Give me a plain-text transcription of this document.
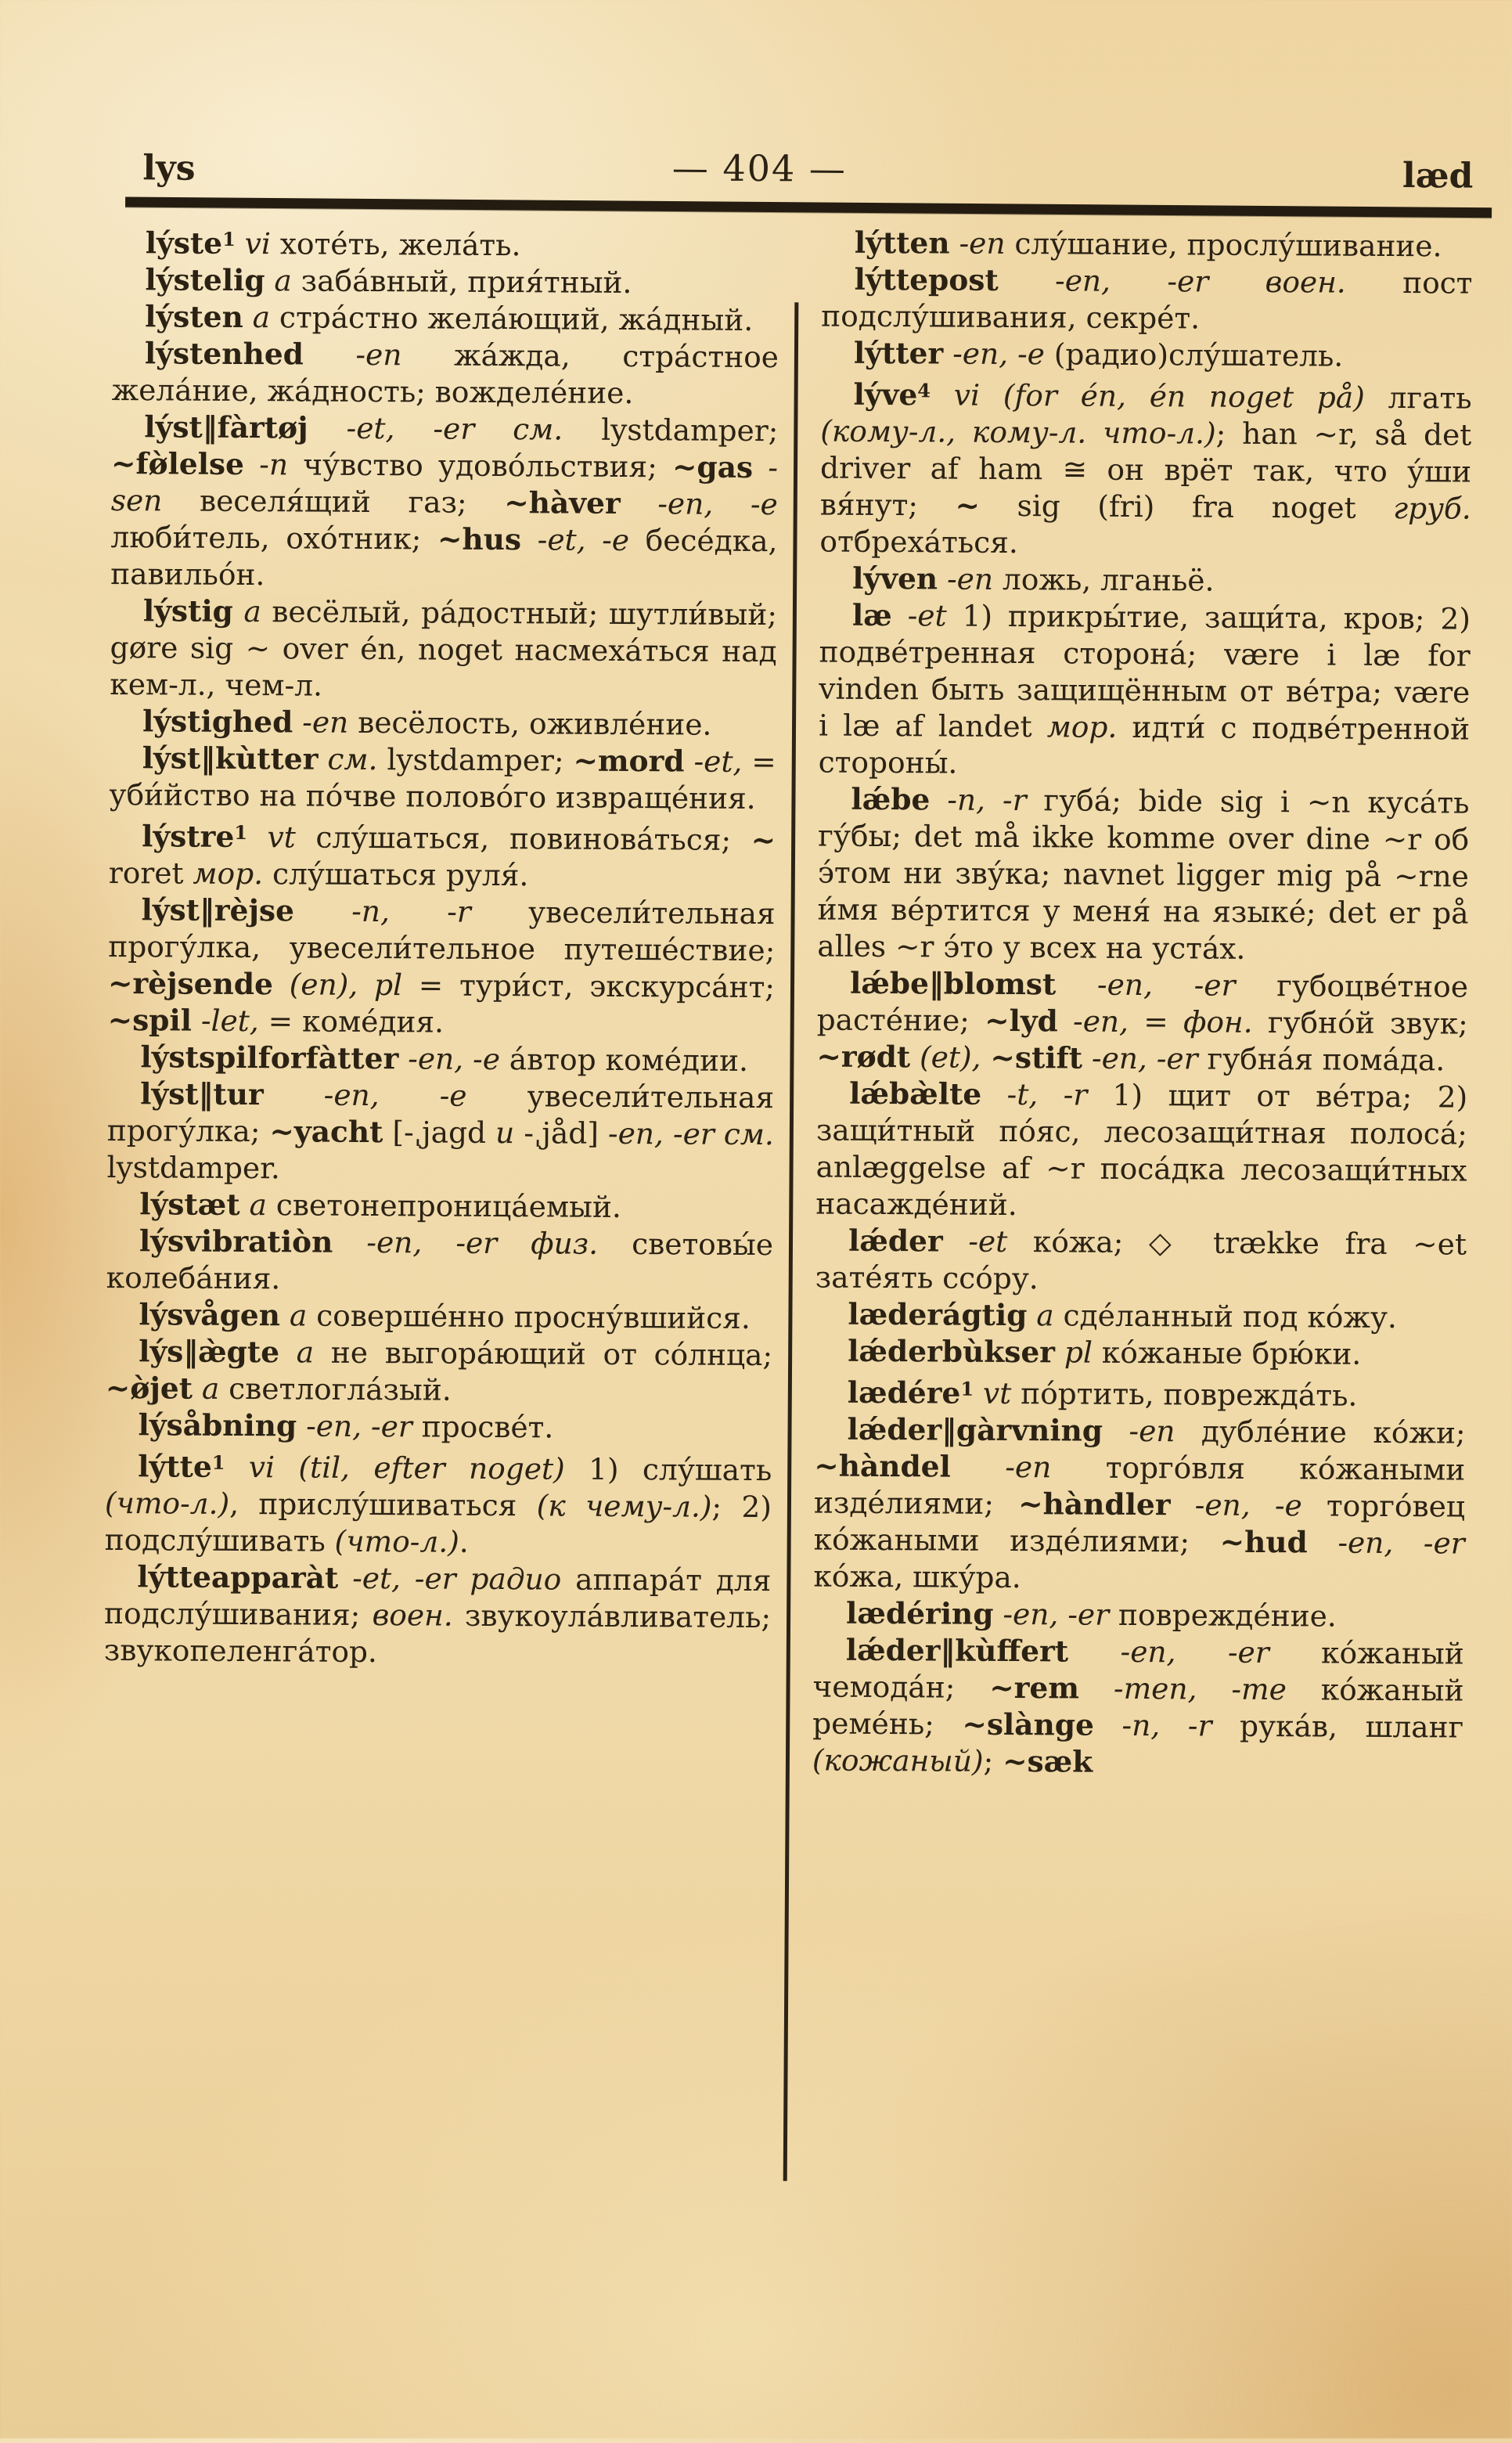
lys	— 404 —	læd

lýste$^1$ vi хоте́ть, жела́ть.

lýstelig a заба́вный, прия́тный.

lýsten a стра́стно жела́ющий, жа́дный.

lýstenhed -en жа́жда, стра́стное жела́ние, жа́дность; вожделе́ние.

lýst‖fàrtøj -et, -er см. lystdamper; ~fø̀lelse -n чу́вство удово́льствия; ~gas -sen веселя́щий газ; ~hàver -en, -e люби́тель, охо́тник; ~hus -et, -e бесе́дка, павильо́н.

lýstig a весёлый, ра́достный; шутли́вый; gøre sig ~ over én, noget насмеха́ться над кем-л., чем-л.

lýstighed -en весёлость, оживле́ние.

lýst‖kùtter см. lystdamper; ~mord -et, = уби́йство на по́чве полово́го извраще́ния.

lýstre$^1$ vt слу́шаться, повинова́ться; ~ roret мор. слу́шаться руля́.

lýst‖rèjse -n, -r увесели́тельная прогу́лка, увесели́тельное путеше́ствие; ~rèjsende (en), pl = тури́ст, экскурса́нт; ~spil -let, = коме́дия.

lýstspilforfàtter -en, -e а́втор коме́дии.

lýst‖tur -en, -e увесели́тельная прогу́лка; ~yacht [-ˌjagd и -ˌjåd] -en, -er см. lystdamper.

lýstæt a светонепроница́емый.

lýsvibratiòn -en, -er физ. световы́е колеба́ния.

lýsvågen a соверше́нно просну́вшийся.

lýs‖æ̀gte a не выгора́ющий от со́лнца; ~ø̀jet a светлогла́зый.

lýsåbning -en, -er просве́т.

lýtte$^1$ vi (til, efter noget) 1) слу́шать (что-л.), прислу́шиваться (к чему-л.); 2) подслу́шивать (что-л.).

lýtteapparàt -et, -er радио аппара́т для подслу́шивания; воен. звукоула́вливатель; звукопеленга́тор.

lýtten -en слу́шание, прослу́шивание.

lýttepost -en, -er воен. пост подслу́шивания, секре́т.

lýtter -en, -e (радио)слу́шатель.

lýve$^4$ vi (for én, én noget på) лгать (кому-л., кому-л. что-л.); han ~r, så det driver af ham ≅ он врёт так, что у́ши вя́нут; ~ sig (fri) fra noget груб. отбреха́ться.

lýven -en ложь, лганьё.

læ -et 1) прикры́тие, защи́та, кров; 2) подве́тренная сторона́; være i læ for vinden быть защищённым от ве́тра; være i læ af landet мор. идти́ с подве́тренной стороны́.

lǽbe -n, -r губа́; bide sig i ~n куса́ть гу́бы; det må ikke komme over dine ~r об э́том ни зву́ка; navnet ligger mig på ~rne и́мя ве́ртится у меня́ на языке́; det er på alles ~r э́то у всех на уста́х.

lǽbe‖blomst -en, -er губоцве́тное расте́ние; ~lyd -en, = фон. губно́й звук; ~rødt (et), ~stift -en, -er губна́я пома́да.

lǽbæ̀lte -t, -r 1) щит от ве́тра; 2) защи́тный по́яс, лесозащи́тная полоса́; anlæggelse af ~r поса́дка лесозащи́тных насажде́ний.

lǽder -et ко́жа; ◇ trække fra ~et зате́ять ссо́ру.

læderágtig a сде́ланный под ко́жу.

lǽderbùkser pl ко́жаные брю́ки.

lædére$^1$ vt по́ртить, поврежда́ть.

lǽder‖gàrvning -en дубле́ние ко́жи; ~hàndel -en торго́вля ко́жаными изде́лиями; ~hàndler -en, -e торго́вец ко́жаными изде́лиями; ~hud -en, -er ко́жа, шку́ра.

lædéring -en, -er поврежде́ние.

lǽder‖kùffert -en, -er ко́жаный чемода́н; ~rem -men, -me ко́жаный реме́нь; ~slànge -n, -r рука́в, шланг (кожаный); ~sæk
